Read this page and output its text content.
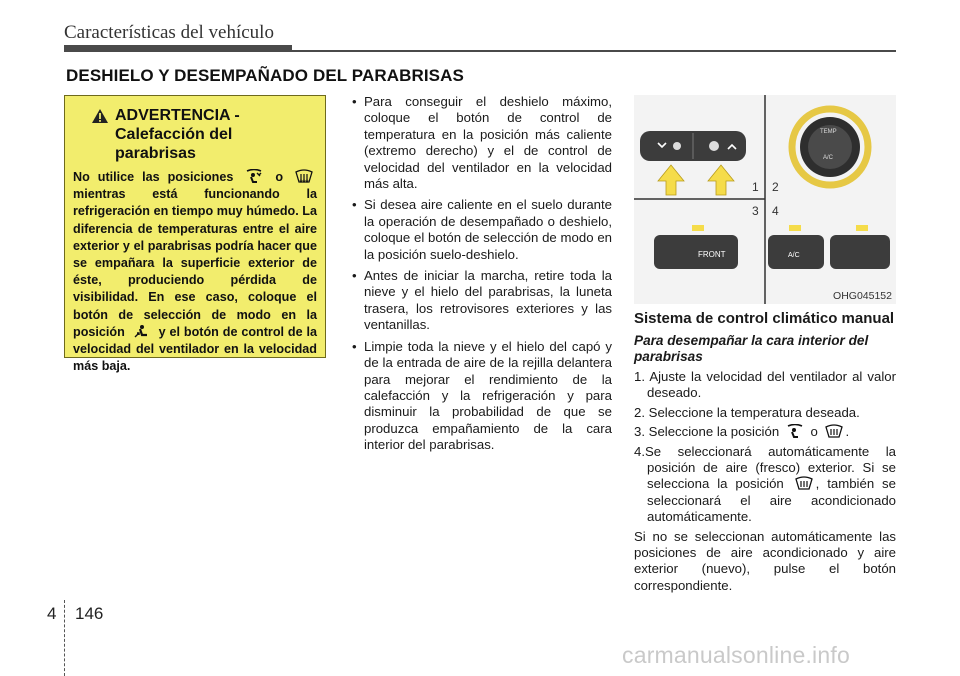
Características del vehículo
DESHIELO Y DESEMPAÑADO DEL PARABRISAS
ADVERTENCIA -
Calefacción del parabrisas
No utilice las posiciones	o  mientras está funcionando la refrigeración en tiempo muy húmedo. La diferencia de temperaturas entre el aire exterior y el parabrisas podría hacer que se empañara la superficie exterior de éste, produciendo pérdida de visibilidad. En ese caso, coloque el botón de selección de modo en la posición	y el botón de control de la velocidad del ventilador en la velocidad más baja.
• Para conseguir el deshielo máximo, coloque el botón de control de temperatura en la posición más caliente (extremo derecho) y el de control de velocidad del ventilador en la velocidad más alta.
• Si desea aire caliente en el suelo durante la operación de desempañado o deshielo, coloque el botón de selección de modo en la posición suelo-deshielo.
• Antes de iniciar la marcha, retire toda la nieve y el hielo del parabrisas, la luneta trasera, los retrovisores exteriores y las ventanillas.
• Limpie toda la nieve y el hielo del capó y de la entrada de aire de la rejilla delantera para mejorar el rendimiento de la calefacción y la refrigeración y para disminuir la probabilidad de que se produzca empañamiento de la cara interior del parabrisas.
1 2
3 4
TEMP
A/C
FRONT	A/C
OHG045152
Sistema de control climático manual
Para desempañar la cara interior del parabrisas
1. Ajuste la velocidad del ventilador al valor deseado.
2. Seleccione la temperatura deseada.
3. Seleccione la posición o .
4.Se seleccionará automáticamente la posición de aire (fresco) exterior. Si se selecciona la posición , también se seleccionará el aire acondicionado automáticamente.
Si no se seleccionan automáticamente las posiciones de aire acondicionado y aire exterior (nuevo), pulse el botón correspondiente.
4 146
carmanualsonline.info
